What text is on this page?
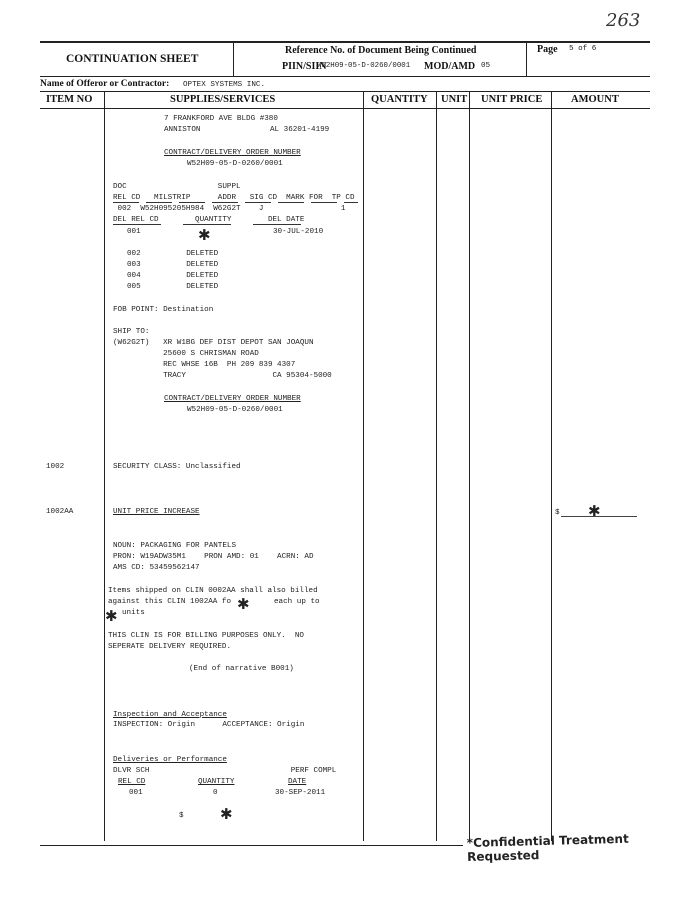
263
CONTINUATION SHEET
Reference No. of Document Being Continued
PIIN/SIIN
W52H09-05-D-0260/0001 MOD/AMD 05
Page 5 of 6
Name of Offeror or Contractor: OPTEX SYSTEMS INC.
ITEM NO	SUPPLIES/SERVICES	QUANTITY UNIT UNIT PRICE	AMOUNT
7 FRANKFORD AVE BLDG #380
ANNISTON	AL 36201-4199
CONTRACT/DELIVERY ORDER NUMBER
W52H09-05-D-0260/0001
DOC                    SUPPL
REL CD   MILSTRIP      ADDR   SIG CD  MARK FOR  TP CD
002  W52H095205H984  W62G2T    J                 1
DEL REL CD        QUANTITY        DEL DATE
001	✱	30-JUL-2010
002          DELETED
003          DELETED
004          DELETED
005          DELETED
FOB POINT: Destination
SHIP TO:
(W62G2T)   XR W1BG DEF DIST DEPOT SAN JOAQUN
25600 S CHRISMAN ROAD
REC WHSE 16B  PH 209 839 4307
TRACY                   CA 95304-5000
CONTRACT/DELIVERY ORDER NUMBER
W52H09-05-D-0260/0001
1002	SECURITY CLASS: Unclassified
1002AA	UNIT PRICE INCREASE	$ ✱
NOUN: PACKAGING FOR PANTELS
PRON: W19ADW35M1    PRON AMD: 01    ACRN: AD
AMS CD: 53459562147
Items shipped on CLIN 0002AA shall also billed
against this CLIN 1002AA fo ✱	each up to
✱ units
THIS CLIN IS FOR BILLING PURPOSES ONLY.  NO
SEPERATE DELIVERY REQUIRED.
(End of narrative B001)
Inspection and Acceptance
INSPECTION: Origin      ACCEPTANCE: Origin
Deliveries or Performance
DLVR SCH                               PERF COMPL
REL CD	QUANTITY	DATE
001	0	30-SEP-2011
$ ✱
*Confidential Treatment Requested
